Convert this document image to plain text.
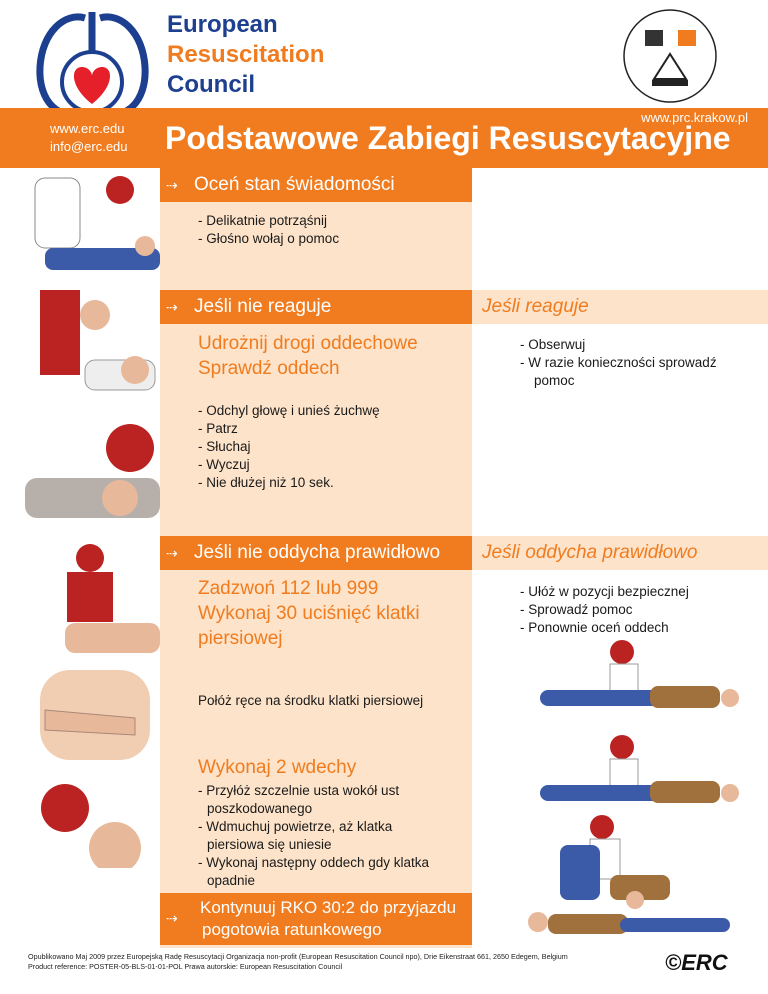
European
Resuscitation
Council
www.erc.edu
info@erc.edu
www.prc.krakow.pl
Podstawowe Zabiegi Resuscytacyjne
⇢ Oceń stan świadomości
- Delikatnie potrząśnij
- Głośno wołaj o pomoc
⇢ Jeśli nie reaguje	Jeśli reaguje
Udrożnij drogi oddechowe
Sprawdź oddech
- Obserwuj
- W razie konieczności sprowadź
pomoc
- Odchyl głowę i unieś żuchwę
- Patrz
- Słuchaj
- Wyczuj
- Nie dłużej niż 10 sek.
⇢ Jeśli nie oddycha prawidłowo	Jeśli oddycha prawidłowo
Zadzwoń 112 lub 999
Wykonaj 30 uciśnięć klatki
piersiowej
- Ułóż w pozycji bezpiecznej
- Sprowadź pomoc
- Ponownie oceń oddech
Połóż ręce na środku klatki piersiowej
Wykonaj 2 wdechy
- Przyłóż szczelnie usta wokół ust
poszkodowanego
- Wdmuchuj powietrze, aż klatka
piersiowa się uniesie
- Wykonaj następny oddech gdy klatka
opadnie
⇢
Kontynuuj RKO 30:2 do przyjazdu
pogotowia ratunkowego
Opublikowano Maj 2009 przez Europejską Radę Resuscytacji Organizacja non-profit (European Resuscitation Council npo), Drie Eikenstraat 661, 2650 Edegem, Belgium
Product reference: POSTER-05-BLS-01-01-POL Prawa autorskie: European Resuscitation Council	©ERC
